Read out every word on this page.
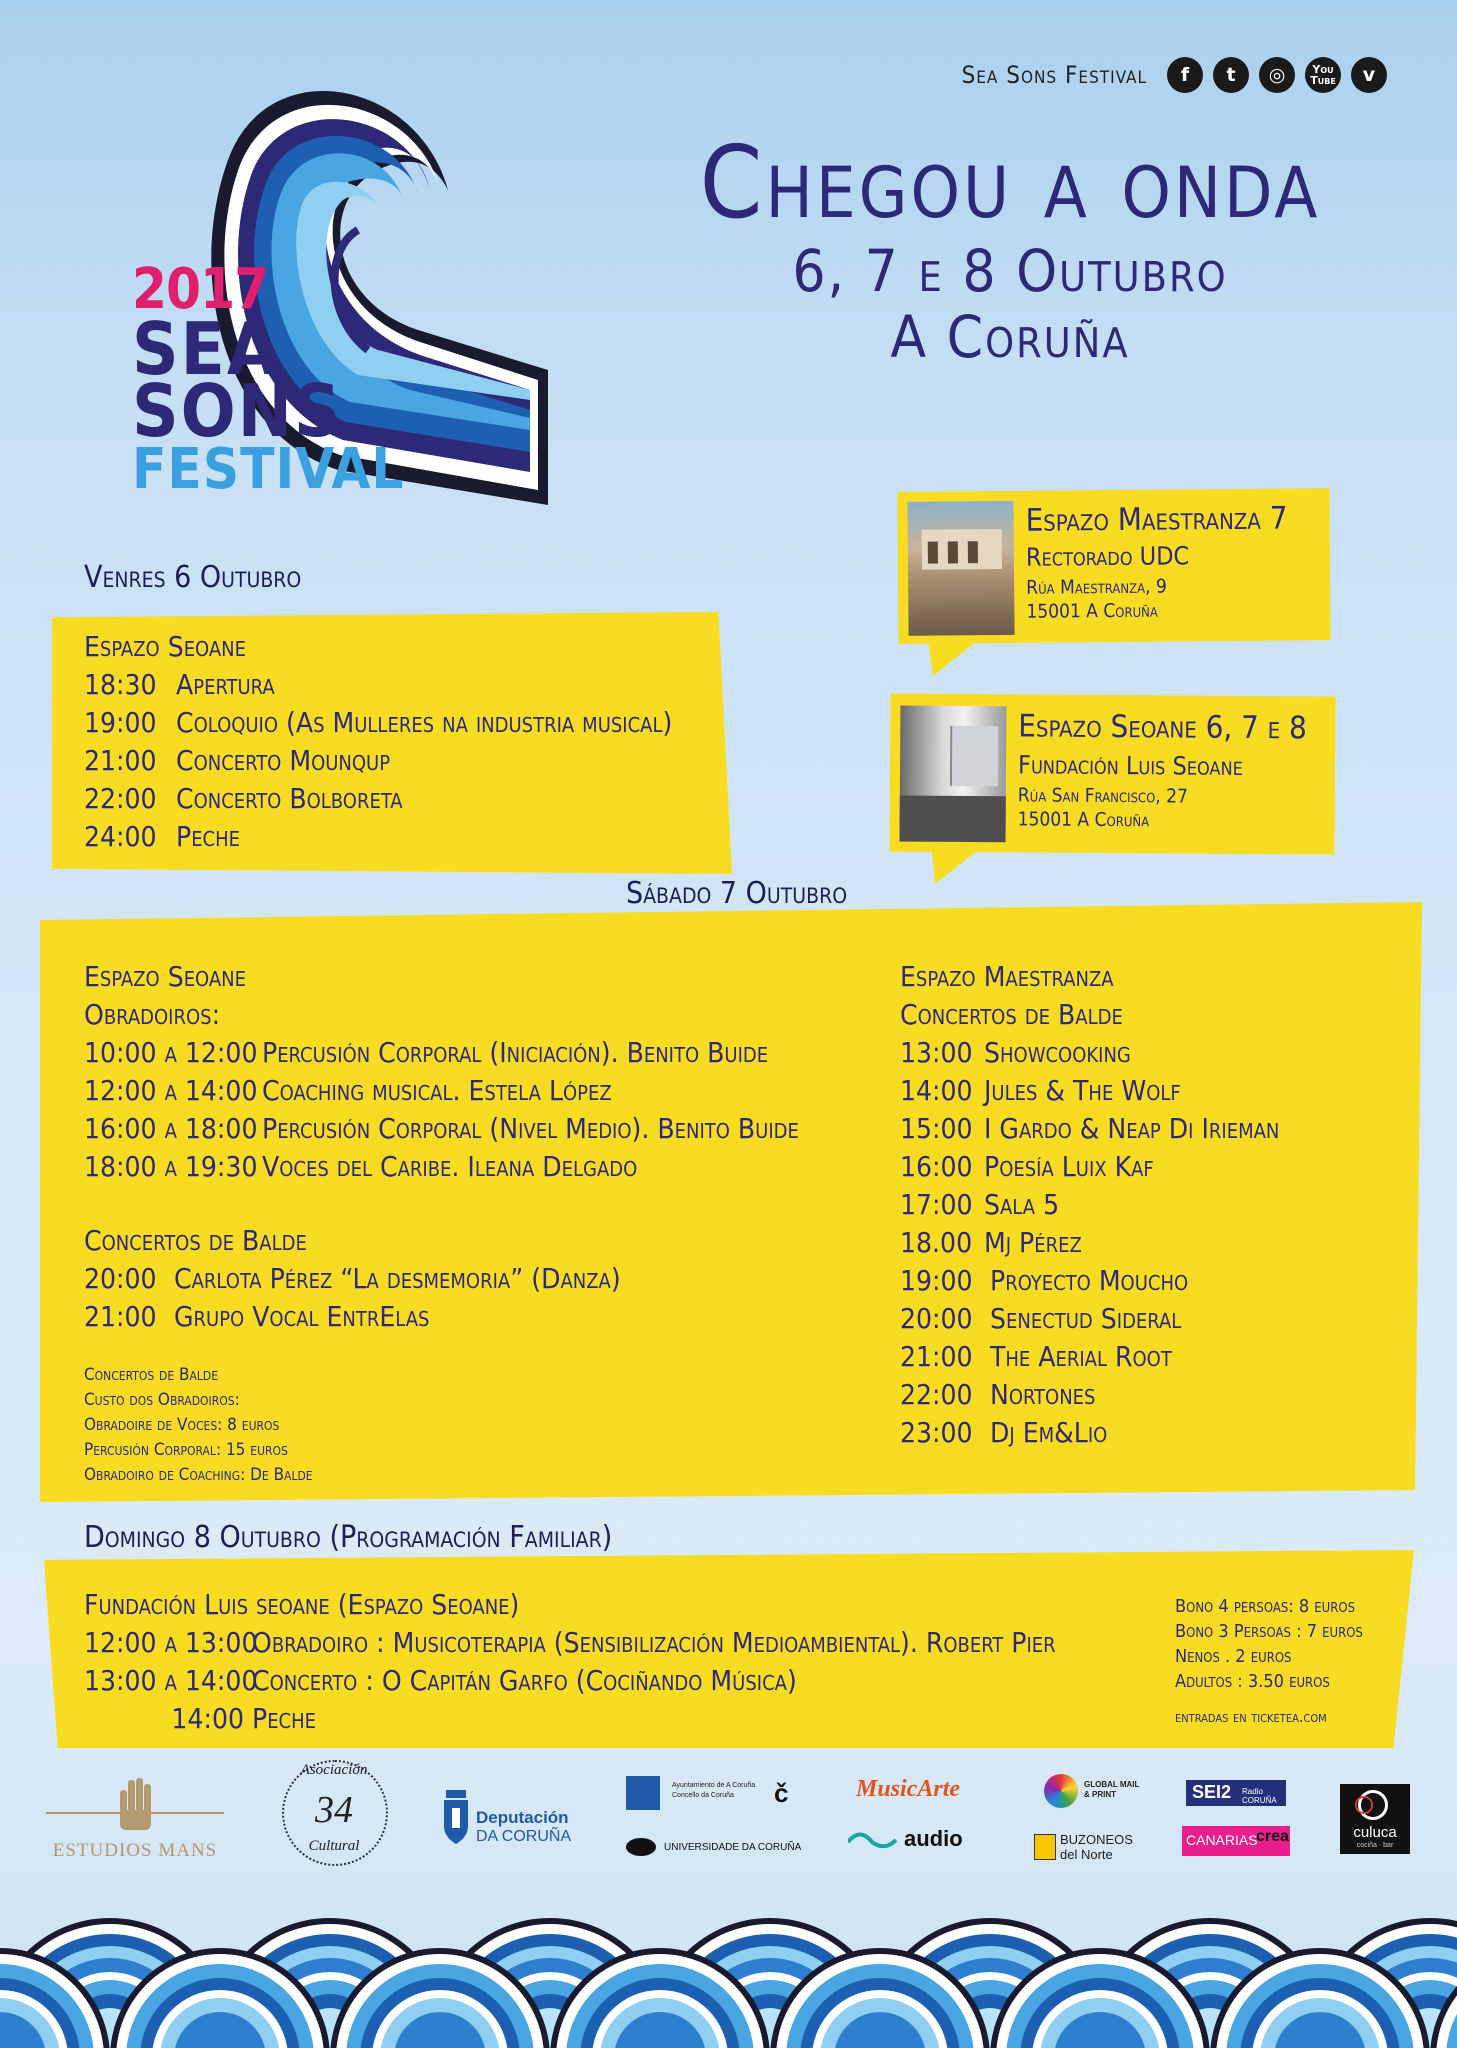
Sea Sons Festival	f	t	◎	You Tube	v
Chegou a onda
6, 7 e 8 Outubro
A Coruña
2017
SEA
SONS
FESTIVAL
Espazo Maestranza 7
Rectorado UDC
Rúa Maestranza, 9
15001 A Coruña
Espazo Seoane 6, 7 e 8
Fundación Luis Seoane
Rúa San Francisco, 27
15001 A Coruña
Venres 6 Outubro
Espazo Seoane
18:30 Apertura
19:00 Coloquio (As Mulleres na industria musical)
21:00 Concerto Mounqup
22:00 Concerto Bolboreta
24:00 Peche
Sábado 7 Outubro
Espazo Seoane
Obradoiros:
10:00 a 12:00 Percusión Corporal (Iniciación). Benito Buide
12:00 a 14:00 Coaching musical. Estela López
16:00 a 18:00 Percusión Corporal (Nivel Medio). Benito Buide
18:00 a 19:30 Voces del Caribe. Ileana Delgado
Concertos de Balde
20:00 Carlota Pérez “La desmemoria” (Danza)
21:00 Grupo Vocal EntrElas
Concertos de Balde
Custo dos Obradoiros:
Obradoire de Voces: 8 euros
Percusión Corporal: 15 euros
Obradoiro de Coaching: De Balde
Espazo Maestranza
Concertos de Balde
13:00 Showcooking
14:00 Jules & The Wolf
15:00 I Gardo & Neap Di Irieman
16:00 Poesía Luix Kaf
17:00 Sala 5
18.00 Mj Pérez
19:00 Proyecto Moucho
20:00 Senectud Sideral
21:00 The Aerial Root
22:00 Nortones
23:00 Dj Em&Lio
Domingo 8 Outubro (Programación Familiar)
Fundación Luis seoane (Espazo Seoane)
12:00 a 13:00Obradoiro : Musicoterapia (Sensibilización Medioambiental). Robert Pier
13:00 a 14:00Concerto : O Capitán Garfo (Cociñando Música)
14:00 Peche
Bono 4 persoas: 8 euros
Bono 3 Persoas : 7 euros
Nenos . 2 euros
Adultos : 3.50 euros
entradas en ticketea.com
ESTUDIOS MANS
Asociación
34
Cultural
Deputación
DA CORUÑA
Ayuntamiento de A Coruña
Concello da Coruña č
UNIVERSIDADE DA CORUÑA
MusicArte
audio
GLOBAL MAIL
& PRINT
BUZONEOS
del Norte
SEI2 Radio CORUÑA
CANARIAS
crea	culuca
cociña · bar
